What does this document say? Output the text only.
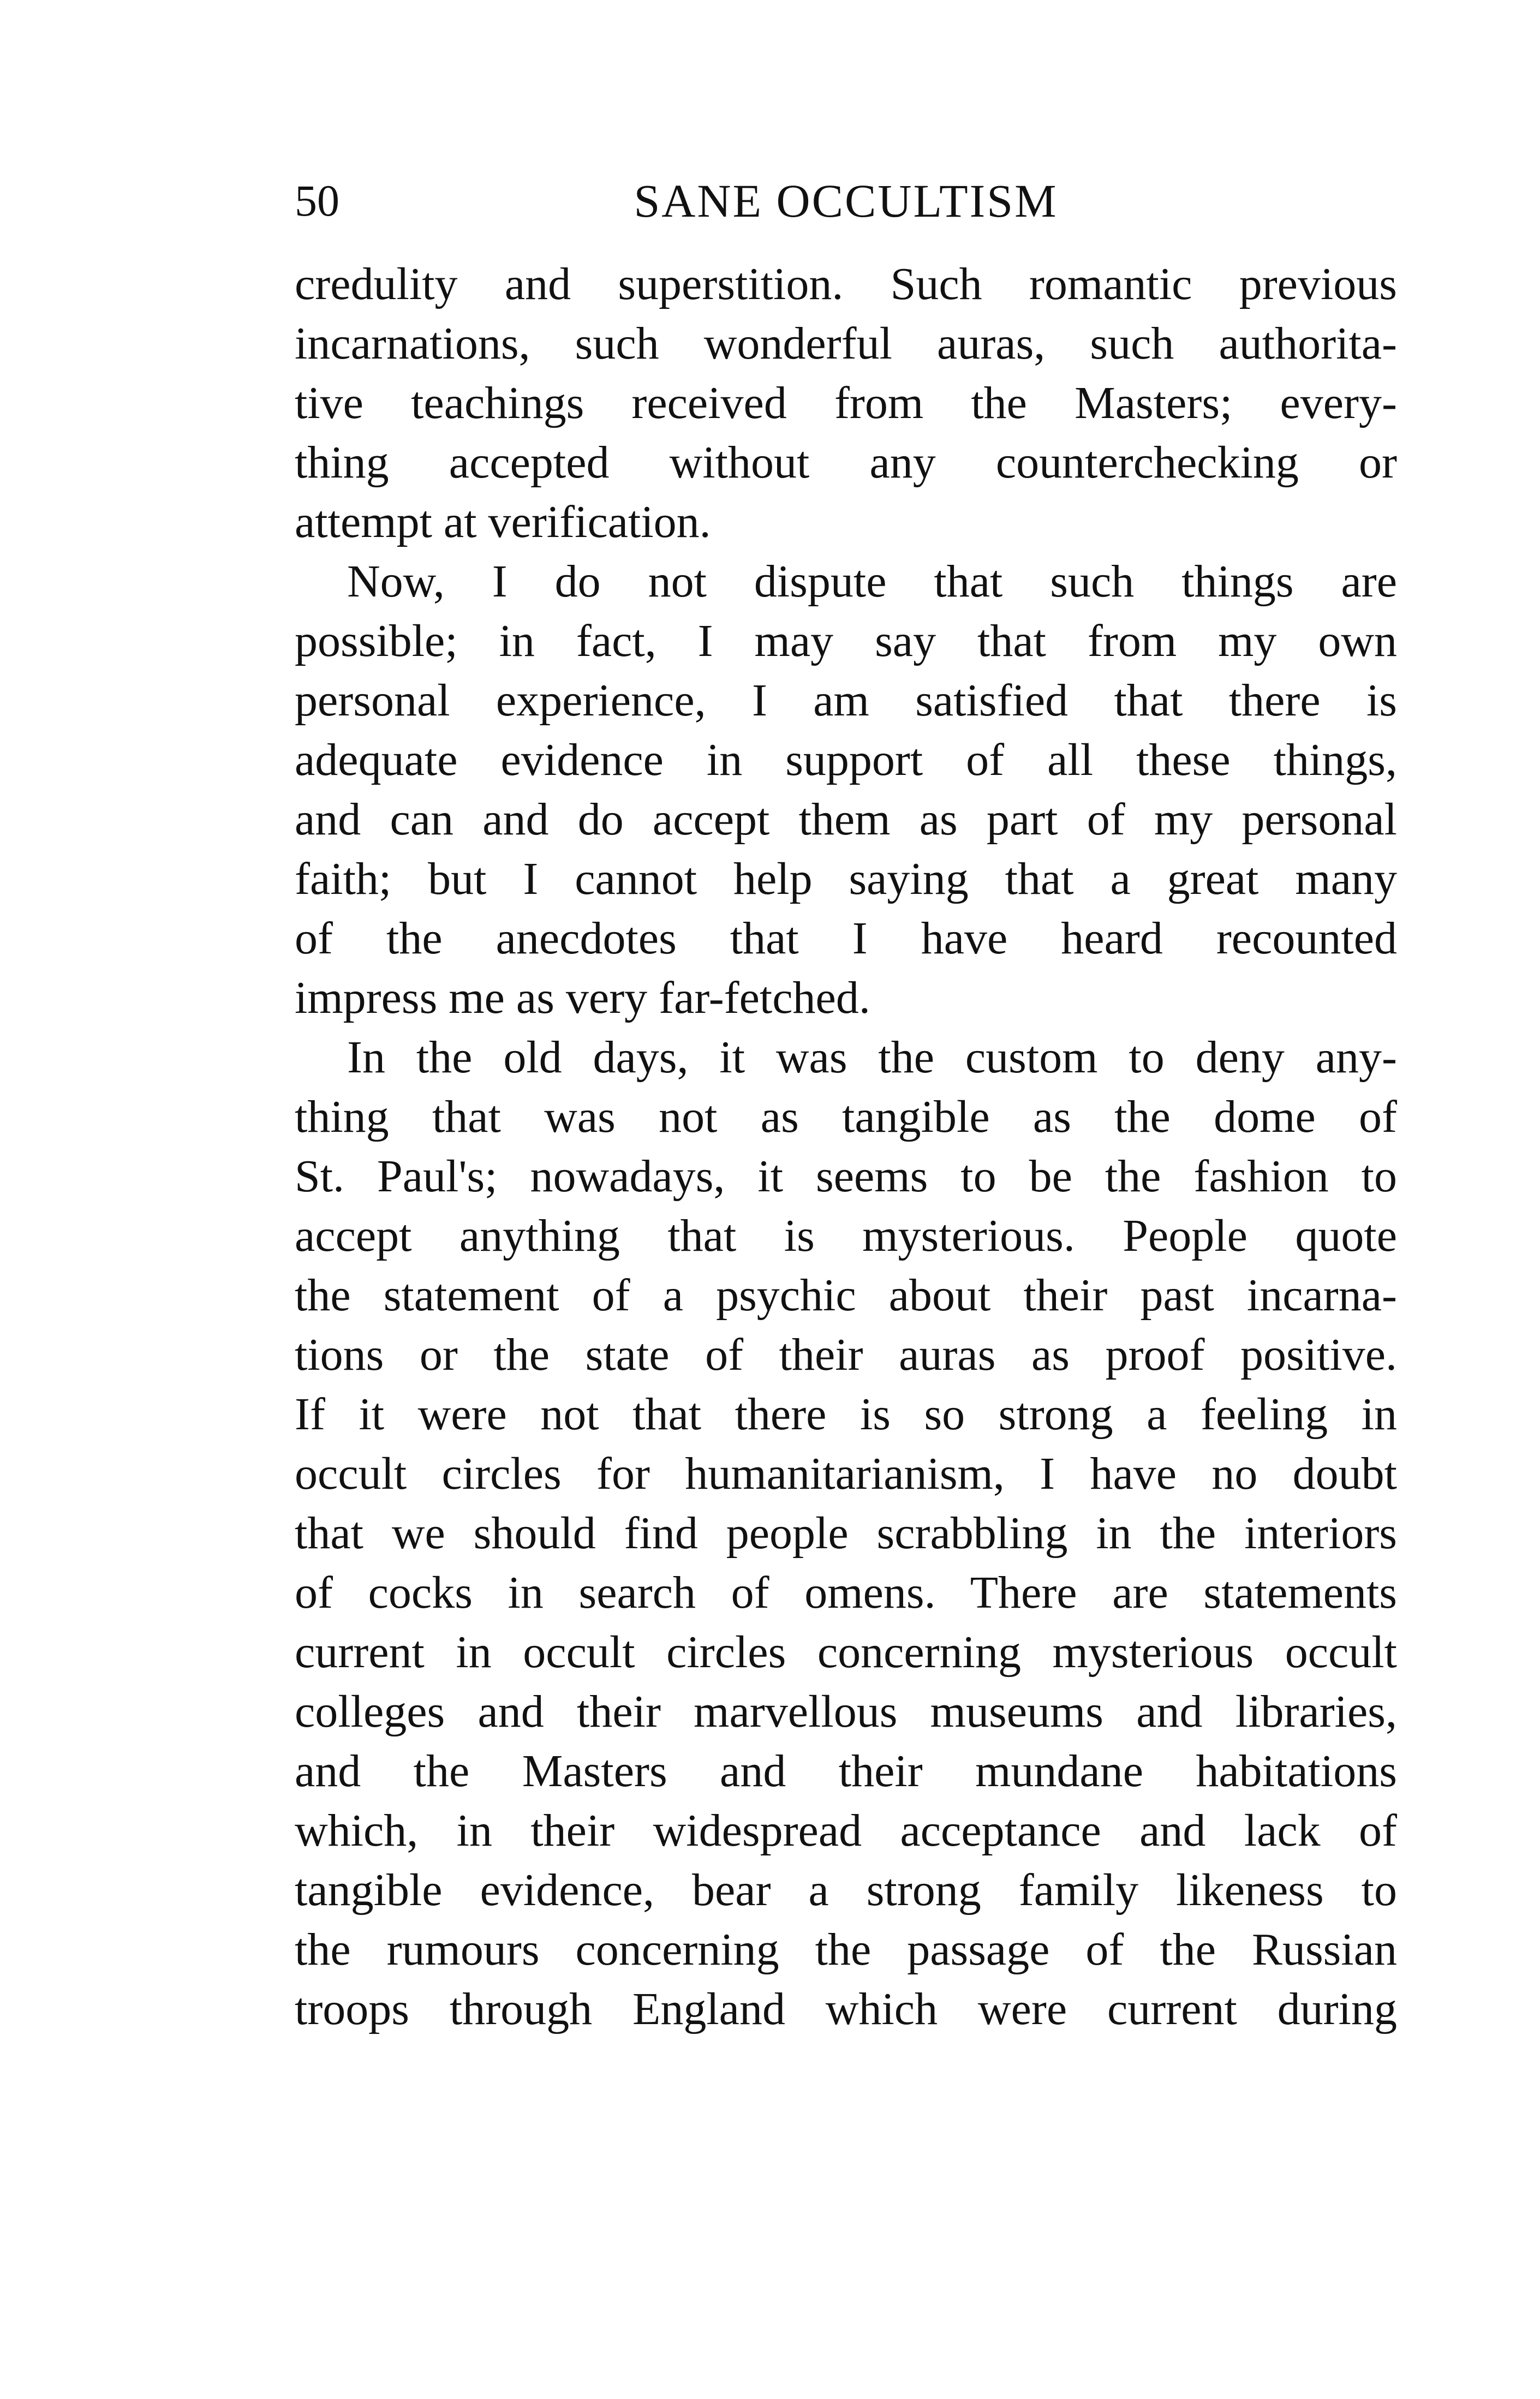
50	SANE OCCULTISM
credulity and superstition. Such romantic previous
incarnations, such wonderful auras, such authorita-
tive teachings received from the Masters; every-
thing accepted without any counterchecking or
attempt at verification.
Now, I do not dispute that such things are
possible; in fact, I may say that from my own
personal experience, I am satisfied that there is
adequate evidence in support of all these things,
and can and do accept them as part of my personal
faith; but I cannot help saying that a great many
of the anecdotes that I have heard recounted
impress me as very far-fetched.
In the old days, it was the custom to deny any-
thing that was not as tangible as the dome of
St. Paul's; nowadays, it seems to be the fashion to
accept anything that is mysterious. People quote
the statement of a psychic about their past incarna-
tions or the state of their auras as proof positive.
If it were not that there is so strong a feeling in
occult circles for humanitarianism, I have no doubt
that we should find people scrabbling in the interiors
of cocks in search of omens. There are statements
current in occult circles concerning mysterious occult
colleges and their marvellous museums and libraries,
and the Masters and their mundane habitations
which, in their widespread acceptance and lack of
tangible evidence, bear a strong family likeness to
the rumours concerning the passage of the Russian
troops through England which were current during
